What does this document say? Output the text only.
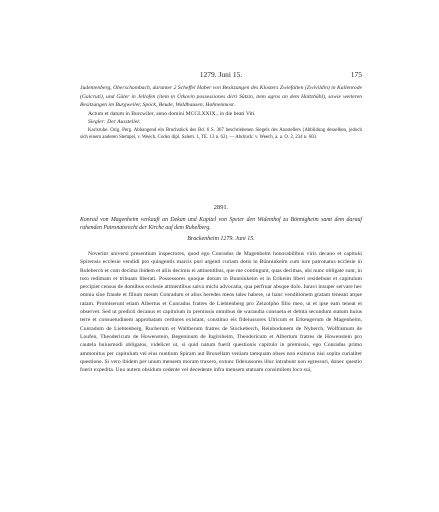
1279. Juni 15.	175

Judentenberg, Oberschambach, darunter 2 Scheffel Haber von Besitzungen des Klosters Zwiefalten (Zwivildin) in Kallenrode (Galcruti), und Güter in Jellofen (item in Ütkovin possessiones dicti Sûtzin, item agros an dem Haltzbühl), sowie weiteren Besitzungen im Burgweiler, Spöck, Beude, Waldhausen, Hahnenmost.

Actum et datum in Burcwiler, anno domini MCCLXXIX., in die beati Viti.

Siegler: Der Aussteller.

Karlsruhe. Orig. Perg. Abhangend ein Bruchstück des Bd. 6 S. 367 beschriebenen Siegels des Ausstellers (Abbildung desselben, jedoch sich einem anderen Stempel, v. Weech, Codex dipl. Salem. 1, TE. 13 n. 62). — Abdruck: v. Weech, a. a. O. 2, 234 n. 603.

2891.
Konrad von Magenheim verkauft an Dekan und Kapitel von Speier den Widemhof zu Bönnigheim samt dem darauf ruhenden Patronatsrecht der Kirche auf dem Ruhelberg.
Brackenheim 1279. Juni 15.

Noverint universi presentium inspectores, quod ego Conradus de Magenheim honorabilibus viris decano et capitulo Spirensis ecclesie vendidi pro quingentis marcis puri argenti curiam dotis in Bünninkeim cum iure patronatus ecclesie in Ruleberch et cum decima ibidem et aliis decimis ei attinentibus, que me contingunt, quas decimas, ubi nunc obligate sunt, in toto redimam et tribuam liberati. Possessores quoque dotum in Bunninkeim et in Erikeim liberi residebunt et capitulum percipiet census de domibus ecclesie attinentibus salva michi advocatia, qua perfruar absque dolo. Iuravi insuper servare hec omnia sine fraude et filium meum Conradum et alios heredes meos tales habere, ut hanc venditionem gratam teneant atque ratam. Promiserunt etiam Albertus et Cunradus fratres de Liehtenberg pro Zeizolpho filio meo, ut et ipse eam teneat et observet. Sed ut predicti decanus et capitulum in premissis omnibus de warandia consueta et debita secundum statum huius terre et consuetudinem approbatam certiores existant, constituo eis fideiussores Ulricum et Erkengerum de Magenheim, Cunradum de Liehtenberg, Rucherum et Waltherum fratres de Stockeberch, Reinbodonem de Nyberch, Wolframum de Loufen, Theodericum de Howenstein, Begeninum de Ingirsheim, Theodericum et Albertum fratres de Howenstein pro cautela huiusmodi obligatos, videlicet ut, si quid natum fuerit questionis capitulo in premissis, ego Conradus primo ammonitus per capitulum vel eius nuntium Spiram aut Bruxellam veniam tamquam obses non exiturus nisi sopita curialiter questione. Si vero ibidem per unum mensem moram traxero, extunc fideiussores illuc intrabunt non egressuri, donec questio fuerit expedita. Uno autem obsidum cedente vel decedente infra mensem statuam consimilem loco sui,
